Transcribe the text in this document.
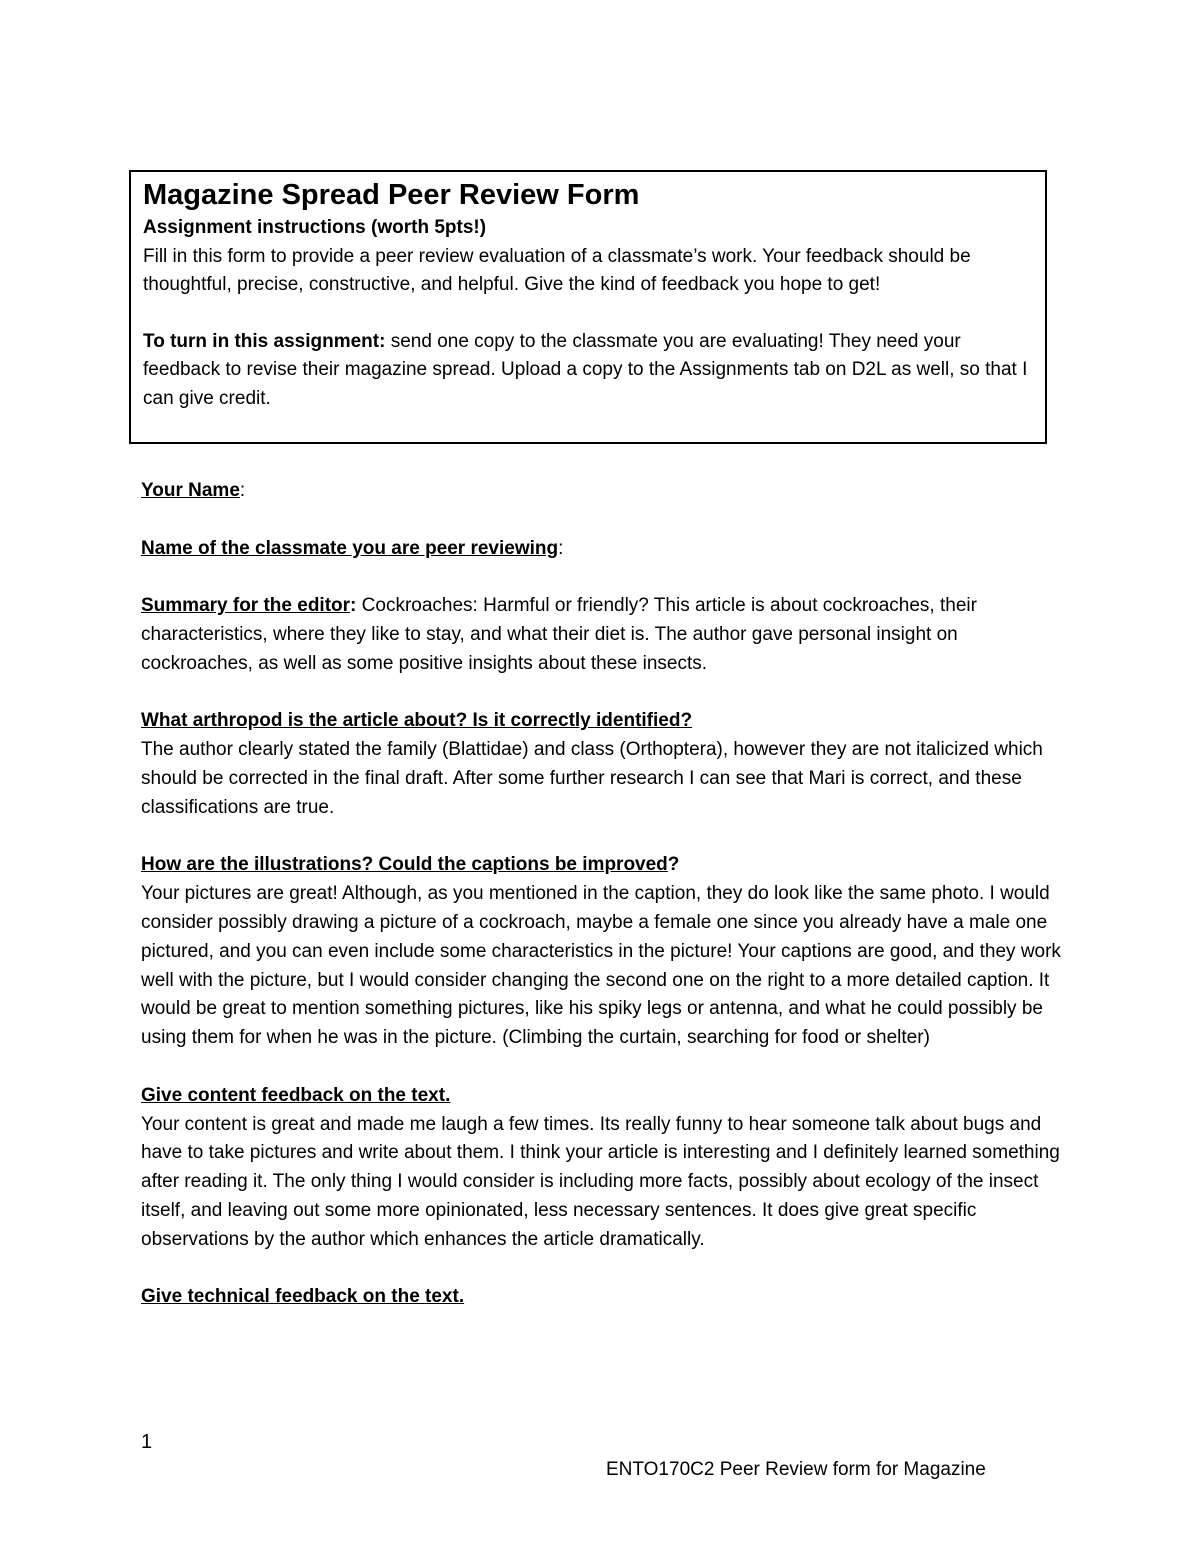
Magazine Spread Peer Review Form

Assignment instructions (worth 5pts!)

Fill in this form to provide a peer review evaluation of a classmate’s work. Your feedback should be thoughtful, precise, constructive, and helpful. Give the kind of feedback you hope to get!

To turn in this assignment: send one copy to the classmate you are evaluating! They need your feedback to revise their magazine spread. Upload a copy to the Assignments tab on D2L as well, so that I can give credit.

Your Name:

Name of the classmate you are peer reviewing:

Summary for the editor: Cockroaches: Harmful or friendly? This article is about cockroaches, their characteristics, where they like to stay, and what their diet is. The author gave personal insight on cockroaches, as well as some positive insights about these insects.

What arthropod is the article about? Is it correctly identified?

The author clearly stated the family (Blattidae) and class (Orthoptera), however they are not italicized which should be corrected in the final draft. After some further research I can see that Mari is correct, and these classifications are true.

How are the illustrations? Could the captions be improved?

Your pictures are great! Although, as you mentioned in the caption, they do look like the same photo. I would consider possibly drawing a picture of a cockroach, maybe a female one since you already have a male one pictured, and you can even include some characteristics in the picture! Your captions are good, and they work well with the picture, but I would consider changing the second one on the right to a more detailed caption. It would be great to mention something pictures, like his spiky legs or antenna, and what he could possibly be using them for when he was in the picture. (Climbing the curtain, searching for food or shelter)

Give content feedback on the text.

Your content is great and made me laugh a few times. Its really funny to hear someone talk about bugs and have to take pictures and write about them. I think your article is interesting and I definitely learned something after reading it. The only thing I would consider is including more facts, possibly about ecology of the insect itself, and leaving out some more opinionated, less necessary sentences. It does give great specific observations by the author which enhances the article dramatically.

Give technical feedback on the text.

1
ENTO170C2 Peer Review form for Magazine
